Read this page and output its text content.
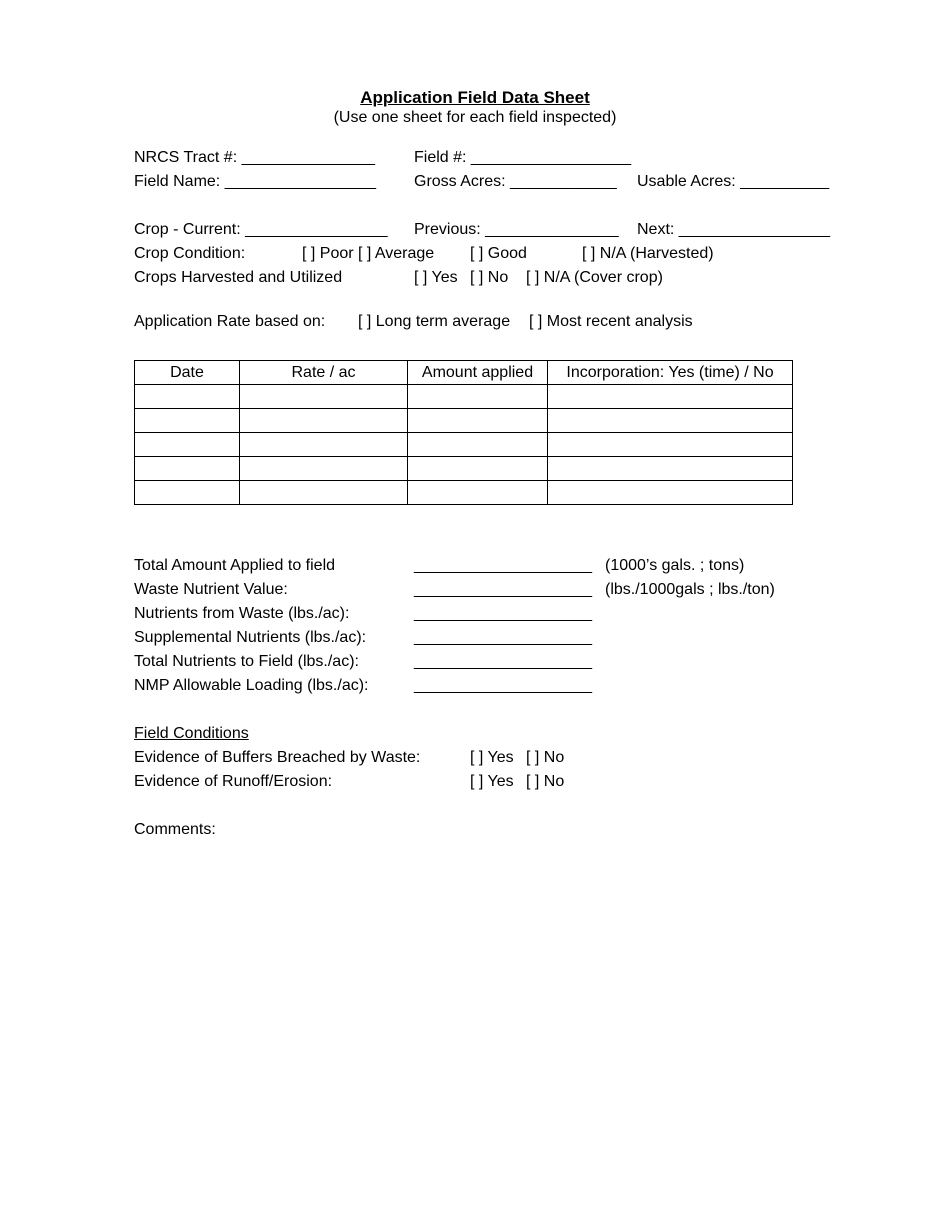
Application Field Data Sheet
(Use one sheet for each field inspected)
NRCS Tract #: _______________ Field #: __________________
Field Name: _________________ Gross Acres: ____________ Usable Acres: __________
Crop - Current: ________________ Previous: _______________ Next: _________________
Crop Condition:	[ ] Poor [ ] Average [ ] Good	[ ] N/A (Harvested)
Crops Harvested and Utilized	[ ] Yes [ ] No [ ] N/A (Cover crop)
Application Rate based on: [ ] Long term average [ ] Most recent analysis
Date	Rate / ac	Amount applied	Incorporation: Yes (time) / No

Total Amount Applied to field	____________________ (1000’s gals. ; tons)
Waste Nutrient Value:	____________________ (lbs./1000gals ; lbs./ton)
Nutrients from Waste (lbs./ac):	____________________
Supplemental Nutrients (lbs./ac):	____________________
Total Nutrients to Field (lbs./ac):	____________________
NMP Allowable Loading (lbs./ac):	____________________
Field Conditions
Evidence of Buffers Breached by Waste:	[ ] Yes [ ] No
Evidence of Runoff/Erosion:	[ ] Yes [ ] No
Comments:
